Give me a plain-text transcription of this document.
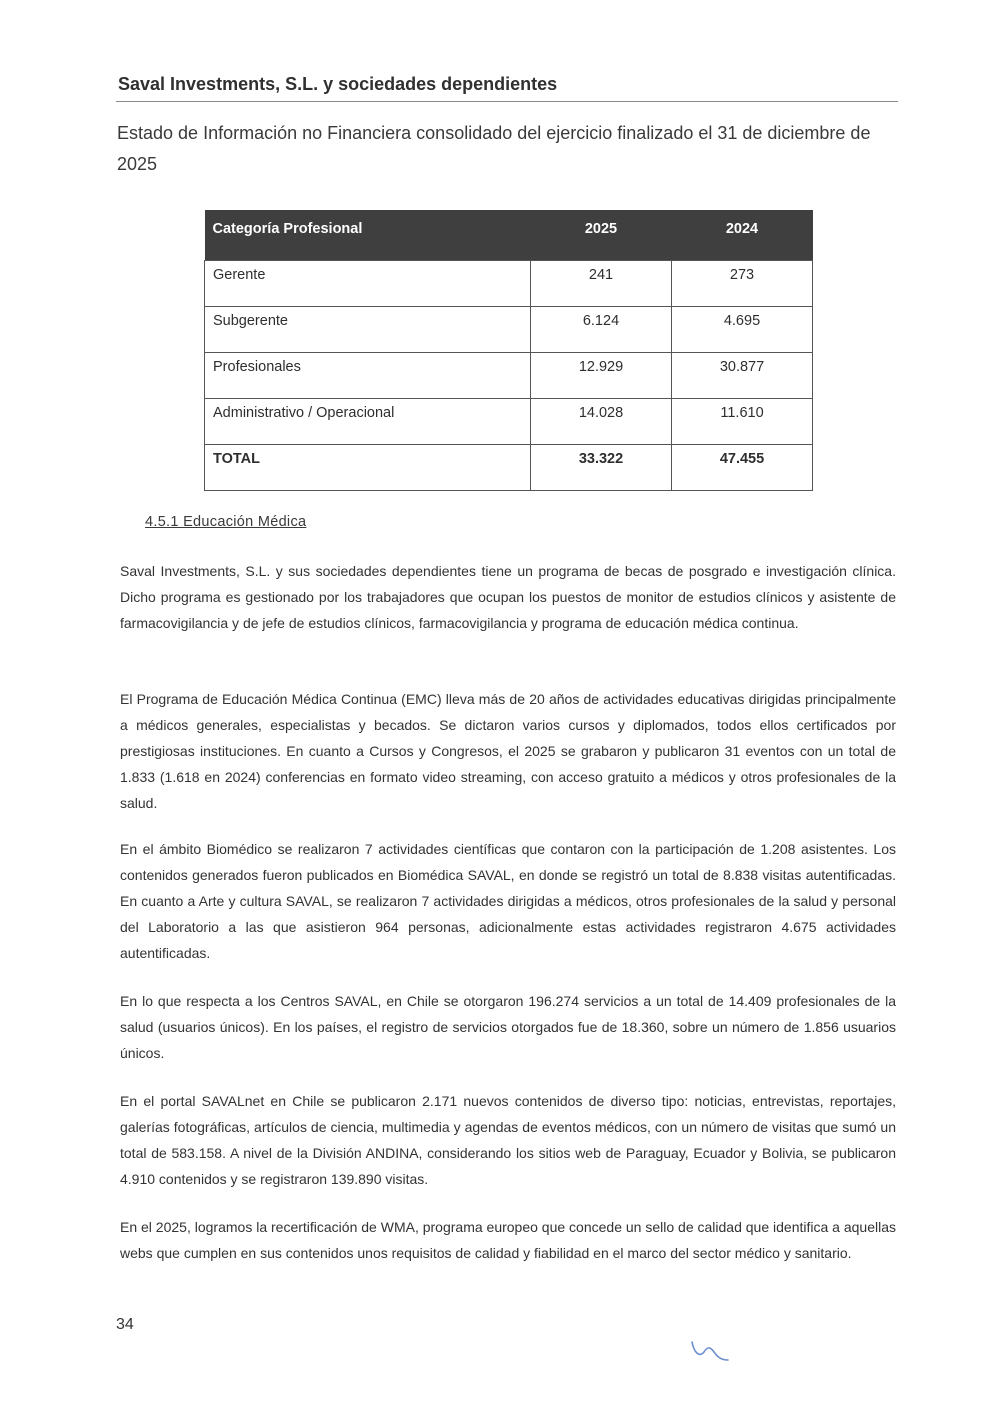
Saval Investments, S.L. y sociedades dependientes
Estado de Información no Financiera consolidado del ejercicio finalizado el 31 de diciembre de 2025
Categoría Profesional	2025	2024
Gerente	241	273
Subgerente	6.124	4.695
Profesionales	12.929	30.877
Administrativo / Operacional	14.028	11.610
TOTAL	33.322	47.455
4.5.1 Educación Médica

Saval Investments, S.L. y sus sociedades dependientes tiene un programa de becas de posgrado e investigación clínica. Dicho programa es gestionado por los trabajadores que ocupan los puestos de monitor de estudios clínicos y asistente de farmacovigilancia y de jefe de estudios clínicos, farmacovigilancia y programa de educación médica continua.

El Programa de Educación Médica Continua (EMC) lleva más de 20 años de actividades educativas dirigidas principalmente a médicos generales, especialistas y becados. Se dictaron varios cursos y diplomados, todos ellos certificados por prestigiosas instituciones. En cuanto a Cursos y Congresos, el 2025 se grabaron y publicaron 31 eventos con un total de 1.833 (1.618 en 2024) conferencias en formato video streaming, con acceso gratuito a médicos y otros profesionales de la salud.

En el ámbito Biomédico se realizaron 7 actividades científicas que contaron con la participación de 1.208 asistentes. Los contenidos generados fueron publicados en Biomédica SAVAL, en donde se registró un total de 8.838 visitas autentificadas. En cuanto a Arte y cultura SAVAL, se realizaron 7 actividades dirigidas a médicos, otros profesionales de la salud y personal del Laboratorio a las que asistieron 964 personas, adicionalmente estas actividades registraron 4.675 actividades autentificadas.

En lo que respecta a los Centros SAVAL, en Chile se otorgaron 196.274 servicios a un total de 14.409 profesionales de la salud (usuarios únicos). En los países, el registro de servicios otorgados fue de 18.360, sobre un número de 1.856 usuarios únicos.

En el portal SAVALnet en Chile se publicaron 2.171 nuevos contenidos de diverso tipo: noticias, entrevistas, reportajes, galerías fotográficas, artículos de ciencia, multimedia y agendas de eventos médicos, con un número de visitas que sumó un total de 583.158. A nivel de la División ANDINA, considerando los sitios web de Paraguay, Ecuador y Bolivia, se publicaron 4.910 contenidos y se registraron 139.890 visitas.

En el 2025, logramos la recertificación de WMA, programa europeo que concede un sello de calidad que identifica a aquellas webs que cumplen en sus contenidos unos requisitos de calidad y fiabilidad en el marco del sector médico y sanitario.

34
